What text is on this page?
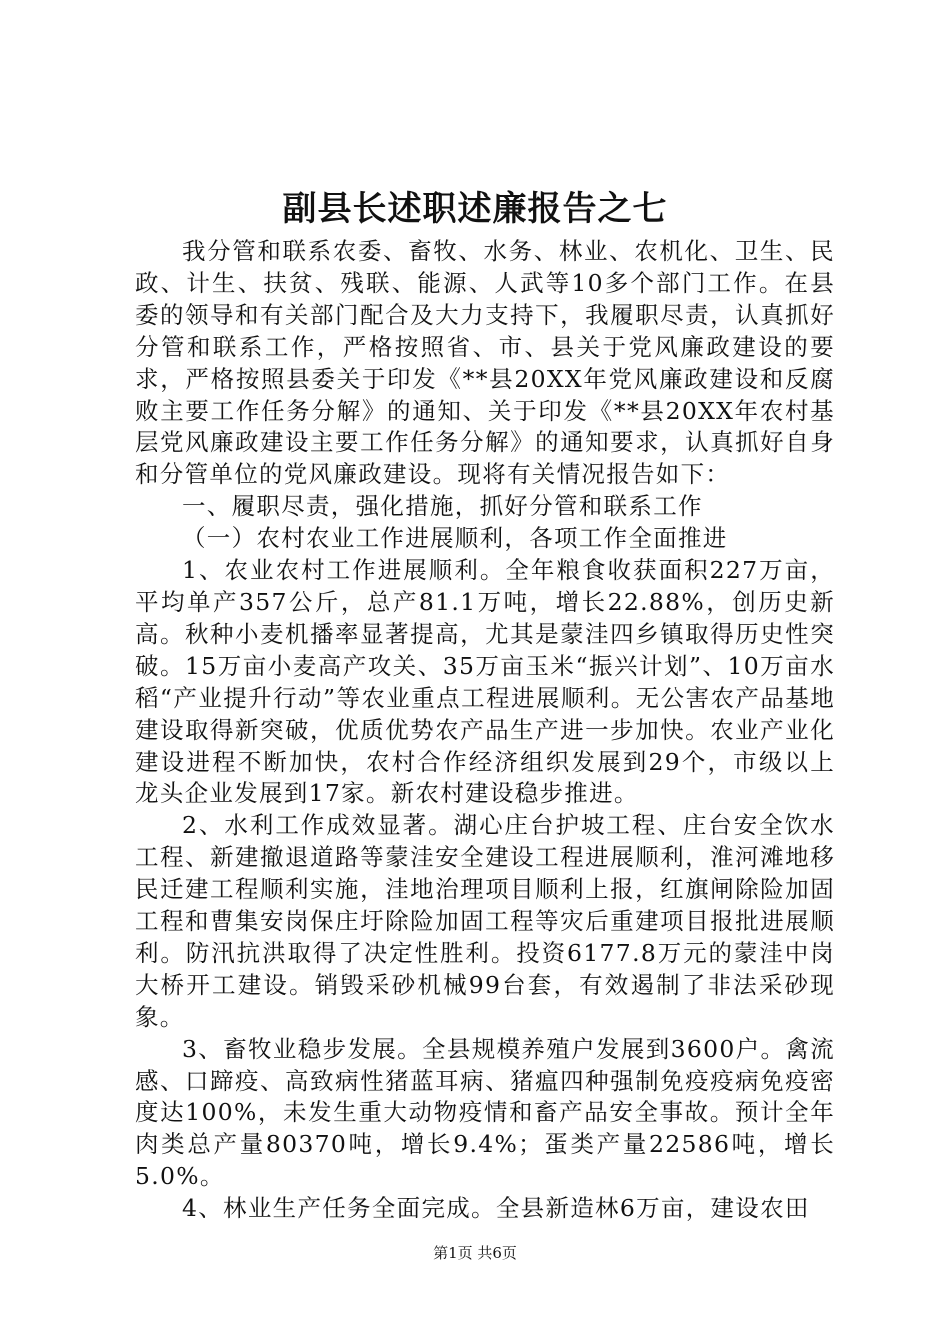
副县长述职述廉报告之七

我分管和联系农委、畜牧、水务、林业、农机化、卫生、民政、计生、扶贫、残联、能源、人武等10多个部门工作。在县委的领导和有关部门配合及大力支持下，我履职尽责，认真抓好分管和联系工作，严格按照省、市、县关于党风廉政建设的要求，严格按照县委关于印发《**县20XX年党风廉政建设和反腐败主要工作任务分解》的通知、关于印发《**县20XX年农村基层党风廉政建设主要工作任务分解》的通知要求，认真抓好自身和分管单位的党风廉政建设。现将有关情况报告如下：

一、履职尽责，强化措施，抓好分管和联系工作

（一）农村农业工作进展顺利，各项工作全面推进

1、农业农村工作进展顺利。全年粮食收获面积227万亩，平均单产357公斤，总产81.1万吨，增长22.88%，创历史新高。秋种小麦机播率显著提高，尤其是蒙洼四乡镇取得历史性突破。15万亩小麦高产攻关、35万亩玉米“振兴计划”、10万亩水稻“产业提升行动”等农业重点工程进展顺利。无公害农产品基地建设取得新突破，优质优势农产品生产进一步加快。农业产业化建设进程不断加快，农村合作经济组织发展到29个，市级以上龙头企业发展到17家。新农村建设稳步推进。

2、水利工作成效显著。湖心庄台护坡工程、庄台安全饮水工程、新建撤退道路等蒙洼安全建设工程进展顺利，淮河滩地移民迁建工程顺利实施，洼地治理项目顺利上报，红旗闸除险加固工程和曹集安岗保庄圩除险加固工程等灾后重建项目报批进展顺利。防汛抗洪取得了决定性胜利。投资6177.8万元的蒙洼中岗大桥开工建设。销毁采砂机械99台套，有效遏制了非法采砂现象。

3、畜牧业稳步发展。全县规模养殖户发展到3600户。禽流感、口蹄疫、高致病性猪蓝耳病、猪瘟四种强制免疫疫病免疫密度达100%，未发生重大动物疫情和畜产品安全事故。预计全年肉类总产量80370吨，增长9.4%；蛋类产量22586吨，增长5.0%。

4、林业生产任务全面完成。全县新造林6万亩，建设农田

第1页 共6页
